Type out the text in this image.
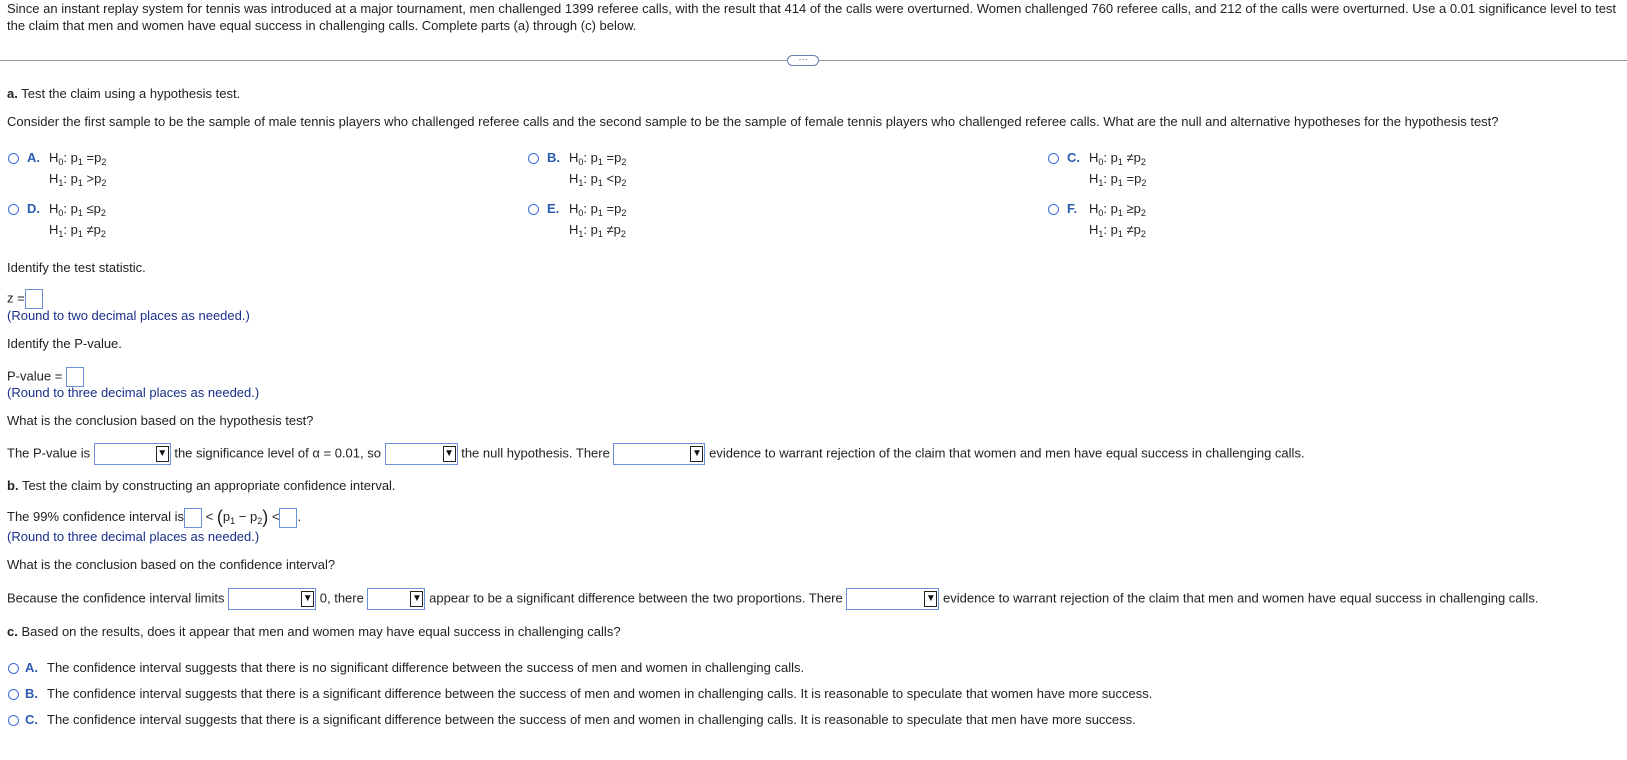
Since an instant replay system for tennis was introduced at a major tournament, men challenged 1399 referee calls, with the result that 414 of the calls were overturned. Women challenged 760 referee calls, and 212 of the calls were overturned. Use a 0.01 significance level to test the claim that men and women have equal success in challenging calls. Complete parts (a) through (c) below.
⋯
a. Test the claim using a hypothesis test.
Consider the first sample to be the sample of male tennis players who challenged referee calls and the second sample to be the sample of female tennis players who challenged referee calls. What are the null and alternative hypotheses for the hypothesis test?
A. $H_0$: $p_1 =p_2$
$H_1$: $p_1 >p_2$
B. $H_0$: $p_1 =p_2$
$H_1$: $p_1 <p_2$
C. $H_0$: $p_1 \ne p_2$
$H_1$: $p_1 =p_2$
D. $H_0$: $p_1 \le p_2$
$H_1$: $p_1 \ne p_2$
E. $H_0$: $p_1 =p_2$
$H_1$: $p_1 \ne p_2$
F. $H_0$: $p_1 \ge p_2$
$H_1$: $p_1 \ne p_2$
Identify the test statistic.
z =
(Round to two decimal places as needed.)
Identify the P-value.
P-value =
(Round to three decimal places as needed.)
What is the conclusion based on the hypothesis test?
The P-value is	▼ the significance level of α = 0.01, so	▼ the null hypothesis. There	▼ evidence to warrant rejection of the claim that women and men have equal success in challenging calls.
b. Test the claim by constructing an appropriate confidence interval.
The 99% confidence interval is < $(p_1 - p_2)$ < .
(Round to three decimal places as needed.)
What is the conclusion based on the confidence interval?
Because the confidence interval limits	▼ 0, there	▼ appear to be a significant difference between the two proportions. There	▼ evidence to warrant rejection of the claim that men and women have equal success in challenging calls.
c. Based on the results, does it appear that men and women may have equal success in challenging calls?
A. The confidence interval suggests that there is no significant difference between the success of men and women in challenging calls.
B. The confidence interval suggests that there is a significant difference between the success of men and women in challenging calls. It is reasonable to speculate that women have more success.
C. The confidence interval suggests that there is a significant difference between the success of men and women in challenging calls. It is reasonable to speculate that men have more success.
